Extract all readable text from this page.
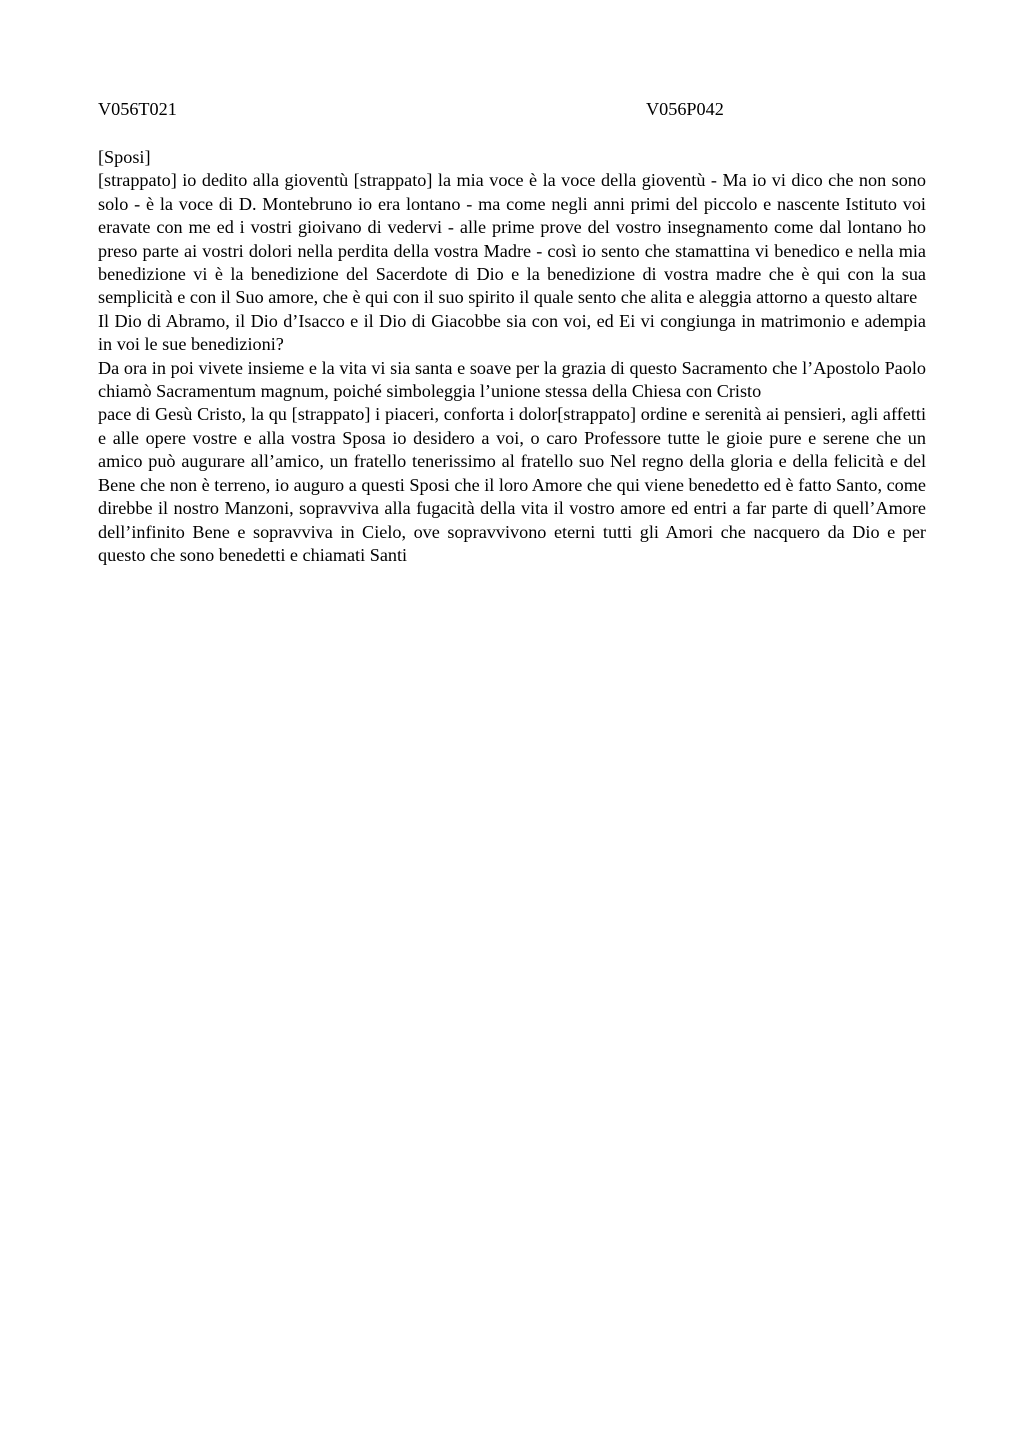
V056T021	V056P042
[Sposi]

[strappato] io dedito alla gioventù [strappato] la mia voce è la voce della gioventù - Ma io vi dico che non sono solo - è la voce di D. Montebruno io era lontano - ma come negli anni primi del piccolo e nascente Istituto voi eravate con me ed i vostri gioivano di vedervi - alle prime prove del vostro insegnamento come dal lontano ho preso parte ai vostri dolori nella perdita della vostra Madre - così io sento che stamattina vi benedico e nella mia benedizione vi è la benedizione del Sacerdote di Dio e la benedizione di vostra madre che è qui con la sua semplicità e con il Suo amore, che è qui con il suo spirito il quale sento che alita e aleggia attorno a questo altare

Il Dio di Abramo, il Dio d’Isacco e il Dio di Giacobbe sia con voi, ed Ei vi congiunga in matrimonio e adempia in voi le sue benedizioni?

Da ora in poi vivete insieme e la vita vi sia santa e soave per la grazia di questo Sacramento che l’Apostolo Paolo chiamò Sacramentum magnum, poiché simboleggia l’unione stessa della Chiesa con Cristo

pace di Gesù Cristo, la qu [strappato] i piaceri, conforta i dolor[strappato] ordine e serenità ai pensieri, agli affetti e alle opere vostre e alla vostra Sposa io desidero a voi, o caro Professore tutte le gioie pure e serene che un amico può augurare all’amico, un fratello tenerissimo al fratello suo Nel regno della gloria e della felicità e del Bene che non è terreno, io auguro a questi Sposi che il loro Amore che qui viene benedetto ed è fatto Santo, come direbbe il nostro Manzoni, sopravviva alla fugacità della vita il vostro amore ed entri a far parte di quell’Amore dell’infinito Bene e sopravviva in Cielo, ove sopravvivono eterni tutti gli Amori che nacquero da Dio e per questo che sono benedetti e chiamati Santi
